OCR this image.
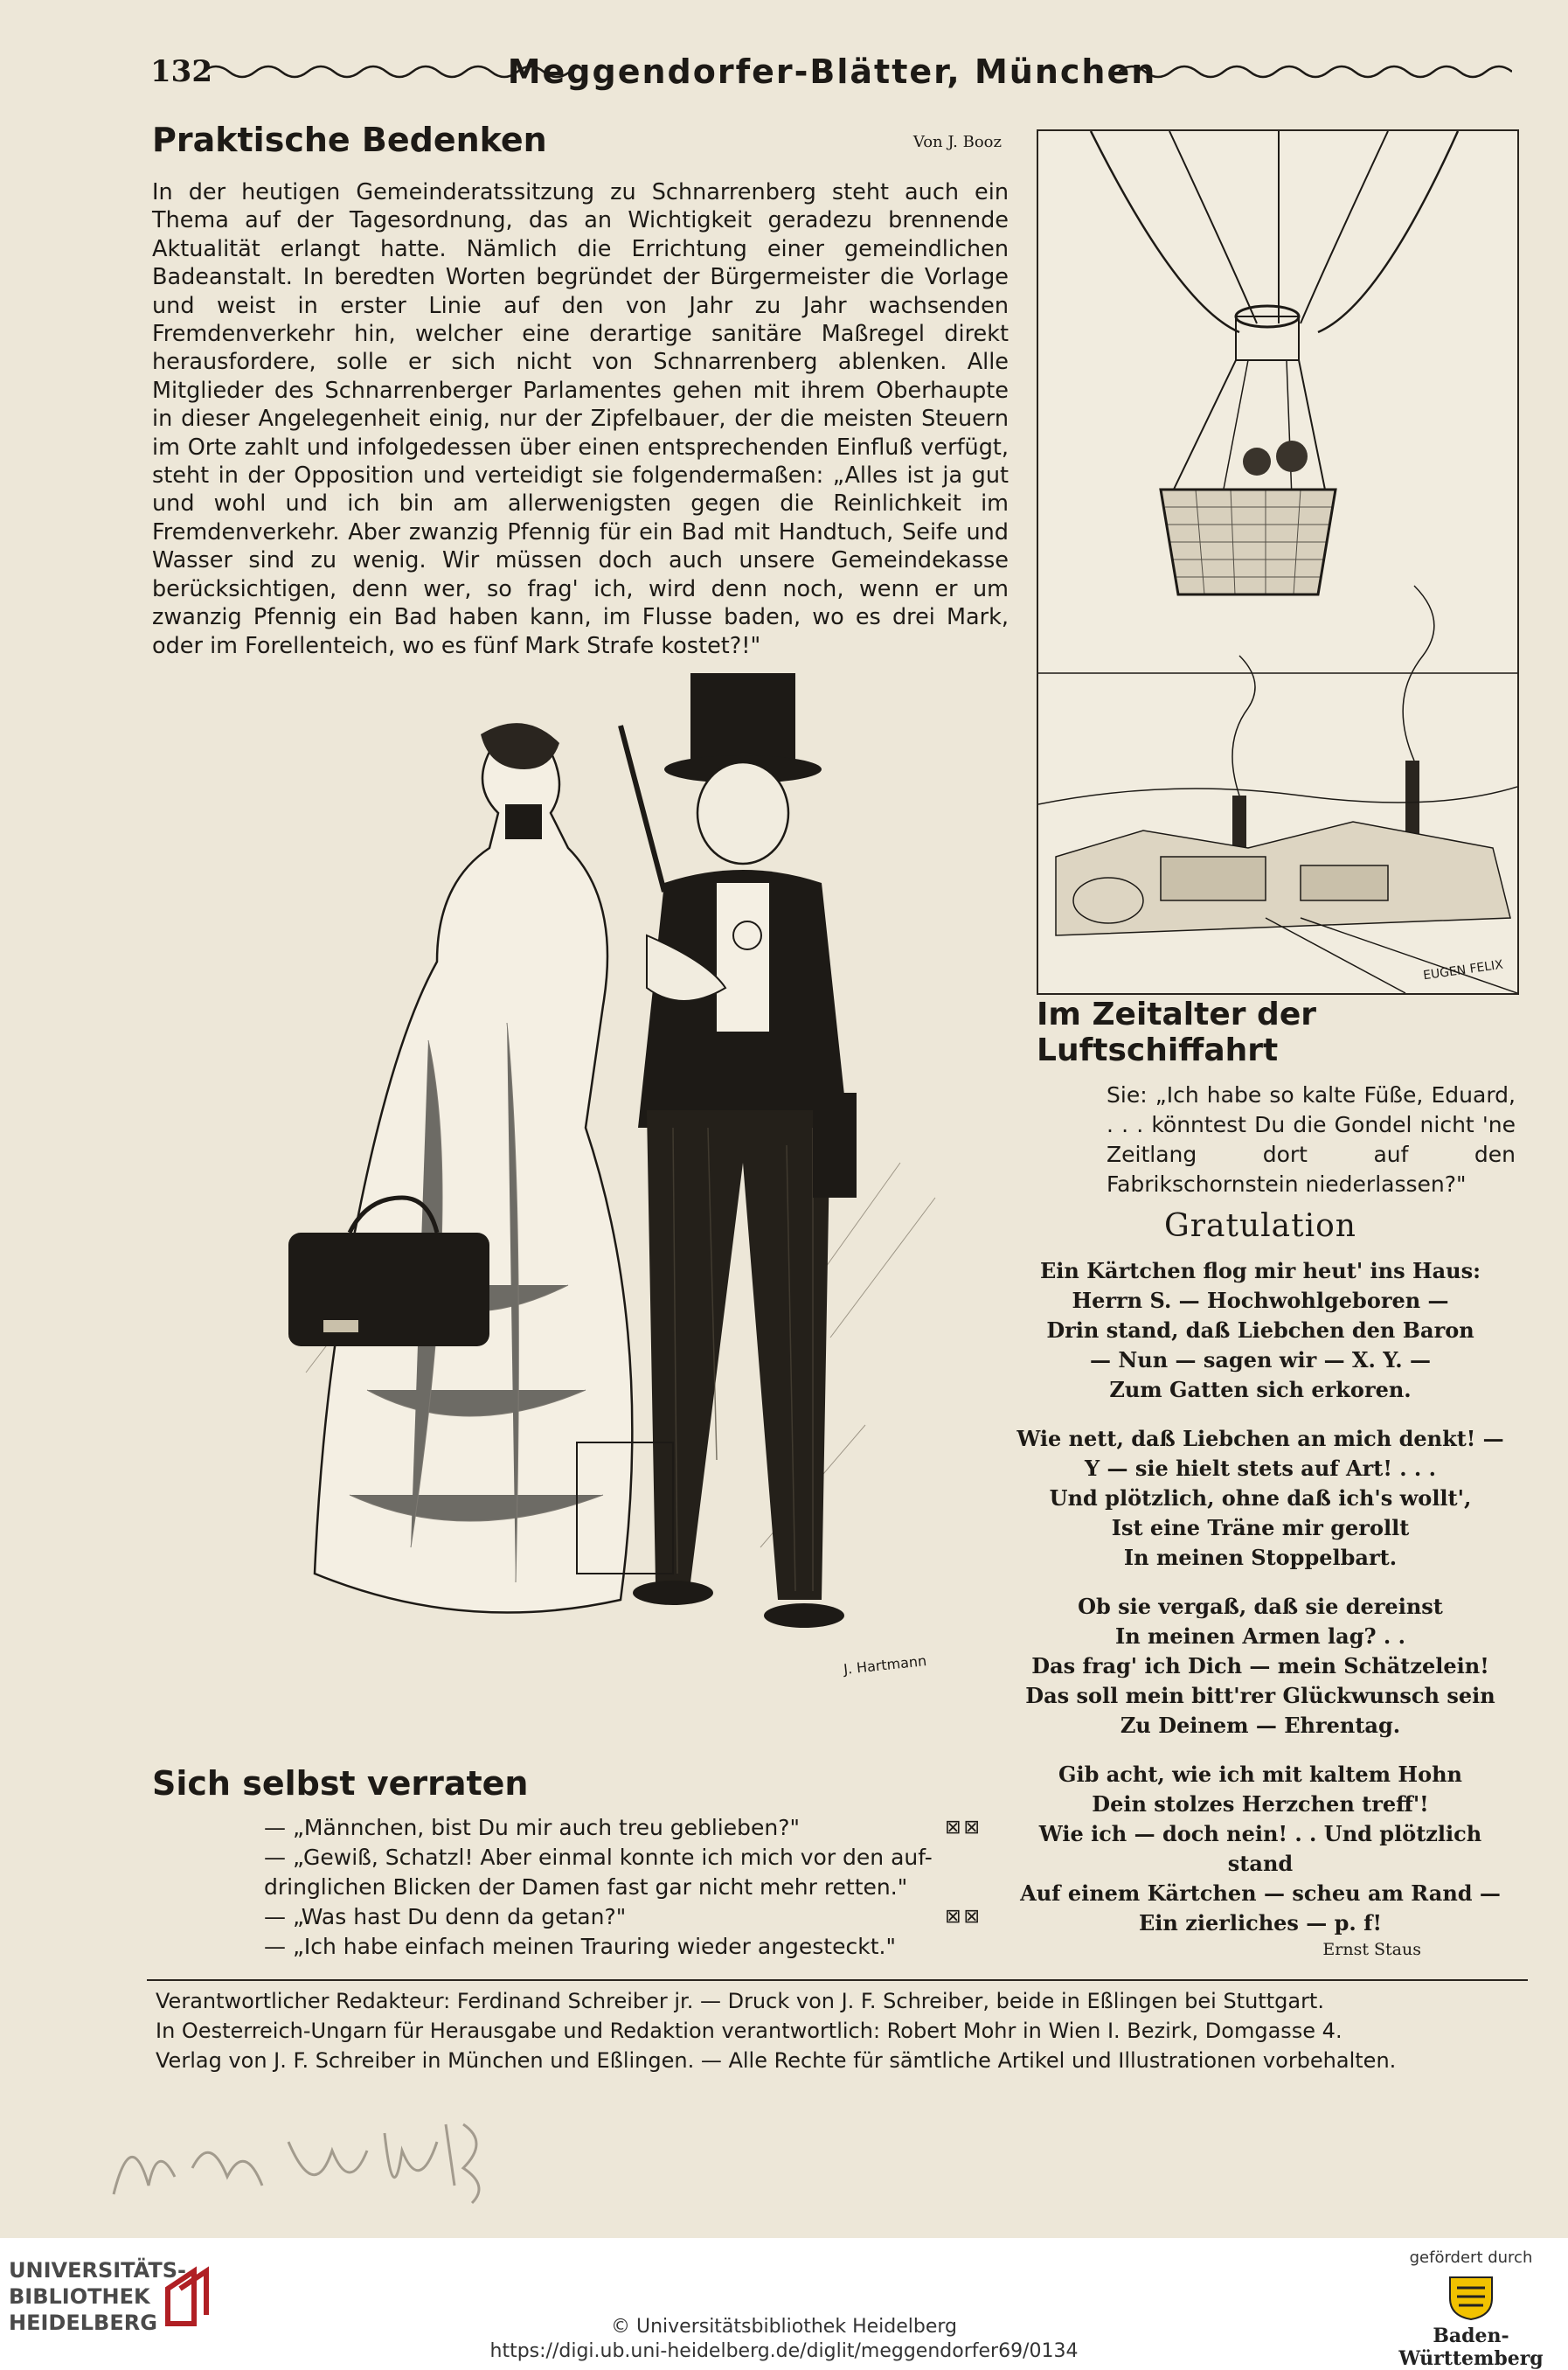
132	Meggendorfer-Blätter, München
Praktische Bedenken	Von J. Booz
In der heutigen Gemeinderatssitzung zu Schnarrenberg steht auch ein Thema auf der Tagesordnung, das an Wichtigkeit geradezu brennende Aktualität erlangt hatte. Nämlich die Errichtung einer gemeindlichen Badeanstalt. In beredten Worten begründet der Bürgermeister die Vorlage und weist in erster Linie auf den von Jahr zu Jahr wachsenden Fremdenverkehr hin, welcher eine derartige sanitäre Maßregel direkt herausfordere, solle er sich nicht von Schnarrenberg ablenken. Alle Mitglieder des Schnarrenberger Parlamentes gehen mit ihrem Oberhaupte in dieser Angelegenheit einig, nur der Zipfelbauer, der die meisten Steuern im Orte zahlt und infolgedessen über einen entsprechenden Einfluß verfügt, steht in der Opposition und verteidigt sie folgendermaßen: „Alles ist ja gut und wohl und ich bin am allerwenigsten gegen die Reinlichkeit im Fremdenverkehr. Aber zwanzig Pfennig für ein Bad mit Handtuch, Seife und Wasser sind zu wenig. Wir müssen doch auch unsere Gemeindekasse berücksichtigen, denn wer, so frag' ich, wird denn noch, wenn er um zwanzig Pfennig ein Bad haben kann, im Flusse baden, wo es drei Mark, oder im Forellenteich, wo es fünf Mark Strafe kostet?!"
EUGEN FELIX
Im Zeitalter der Luftschiffahrt
Sie: „Ich habe so kalte Füße, Eduard, . . . könntest Du die Gondel nicht 'ne Zeitlang dort auf den Fabrikschornstein niederlassen?"
Gratulation
Ein Kärtchen flog mir heut' ins Haus:
Herrn S. — Hochwohlgeboren —
Drin stand, daß Liebchen den Baron
— Nun — sagen wir — X. Y. —
Zum Gatten sich erkoren.
Wie nett, daß Liebchen an mich denkt! —
Y — sie hielt stets auf Art! . . .
Und plötzlich, ohne daß ich's wollt',
Ist eine Träne mir gerollt
In meinen Stoppelbart.
Ob sie vergaß, daß sie dereinst
In meinen Armen lag? . .
Das frag' ich Dich — mein Schätzelein!
Das soll mein bitt'rer Glückwunsch sein
Zu Deinem — Ehrentag.
Gib acht, wie ich mit kaltem Hohn
Dein stolzes Herzchen treff'!
Wie ich — doch nein! . . Und plötzlich stand
Auf einem Kärtchen — scheu am Rand —
Ein zierliches — p. f!
Ernst Staus
J. Hartmann
Sich selbst verraten
— „Männchen, bist Du mir auch treu geblieben?"	⊠⊠
— „Gewiß, Schatzl! Aber einmal konnte ich mich vor den auf-
dringlichen Blicken der Damen fast gar nicht mehr retten."
— „Was hast Du denn da getan?"	⊠⊠
— „Ich habe einfach meinen Trauring wieder angesteckt."
Verantwortlicher Redakteur: Ferdinand Schreiber jr. — Druck von J. F. Schreiber, beide in Eßlingen bei Stuttgart.
In Oesterreich-Ungarn für Herausgabe und Redaktion verantwortlich: Robert Mohr in Wien I. Bezirk, Domgasse 4.
Verlag von J. F. Schreiber in München und Eßlingen. — Alle Rechte für sämtliche Artikel und Illustrationen vorbehalten.
UNIVERSITÄTS-
BIBLIOTHEK
HEIDELBERG	© Universitätsbibliothek Heidelberg
https://digi.ub.uni-heidelberg.de/diglit/meggendorfer69/0134
gefördert durch
Baden-Württemberg
